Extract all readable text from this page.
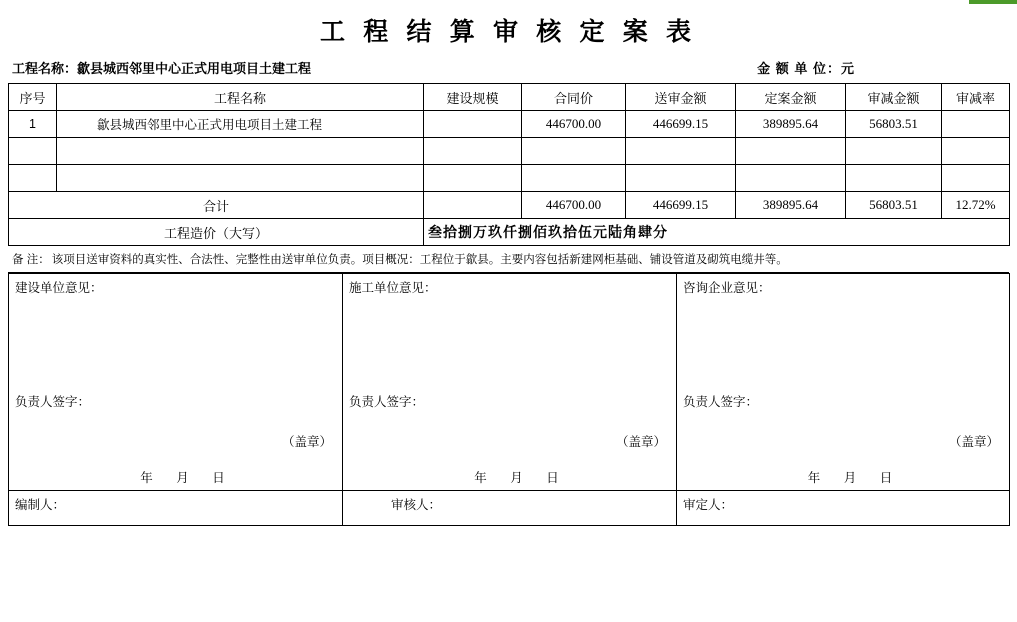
工 程 结 算 审 核 定 案 表
工程名称：歙县城西邻里中心正式用电项目土建工程	金 额 单 位：元
序号	工程名称	建设规模	合同价	送审金额	定案金额	审减金额	审减率
1	歙县城西邻里中心正式用电项目土建工程		446700.00	446699.15	389895.64	56803.51	

合计			446700.00	446699.15	389895.64	56803.51	12.72%
工程造价（大写）		叁拾捌万玖仟捌佰玖拾伍元陆角肆分					
备 注： 该项目送审资料的真实性、合法性、完整性由送审单位负责。项目概况：工程位于歙县。主要内容包括新建网柜基础、铺设管道及砌筑电缆井等。
建设单位意见：
负责人签字：
（盖章）
年 月 日

施工单位意见：
负责人签字：
（盖章）
年 月 日

咨询企业意见：
负责人签字：
（盖章）
年 月 日

编制人：	审核人：	审定人：
